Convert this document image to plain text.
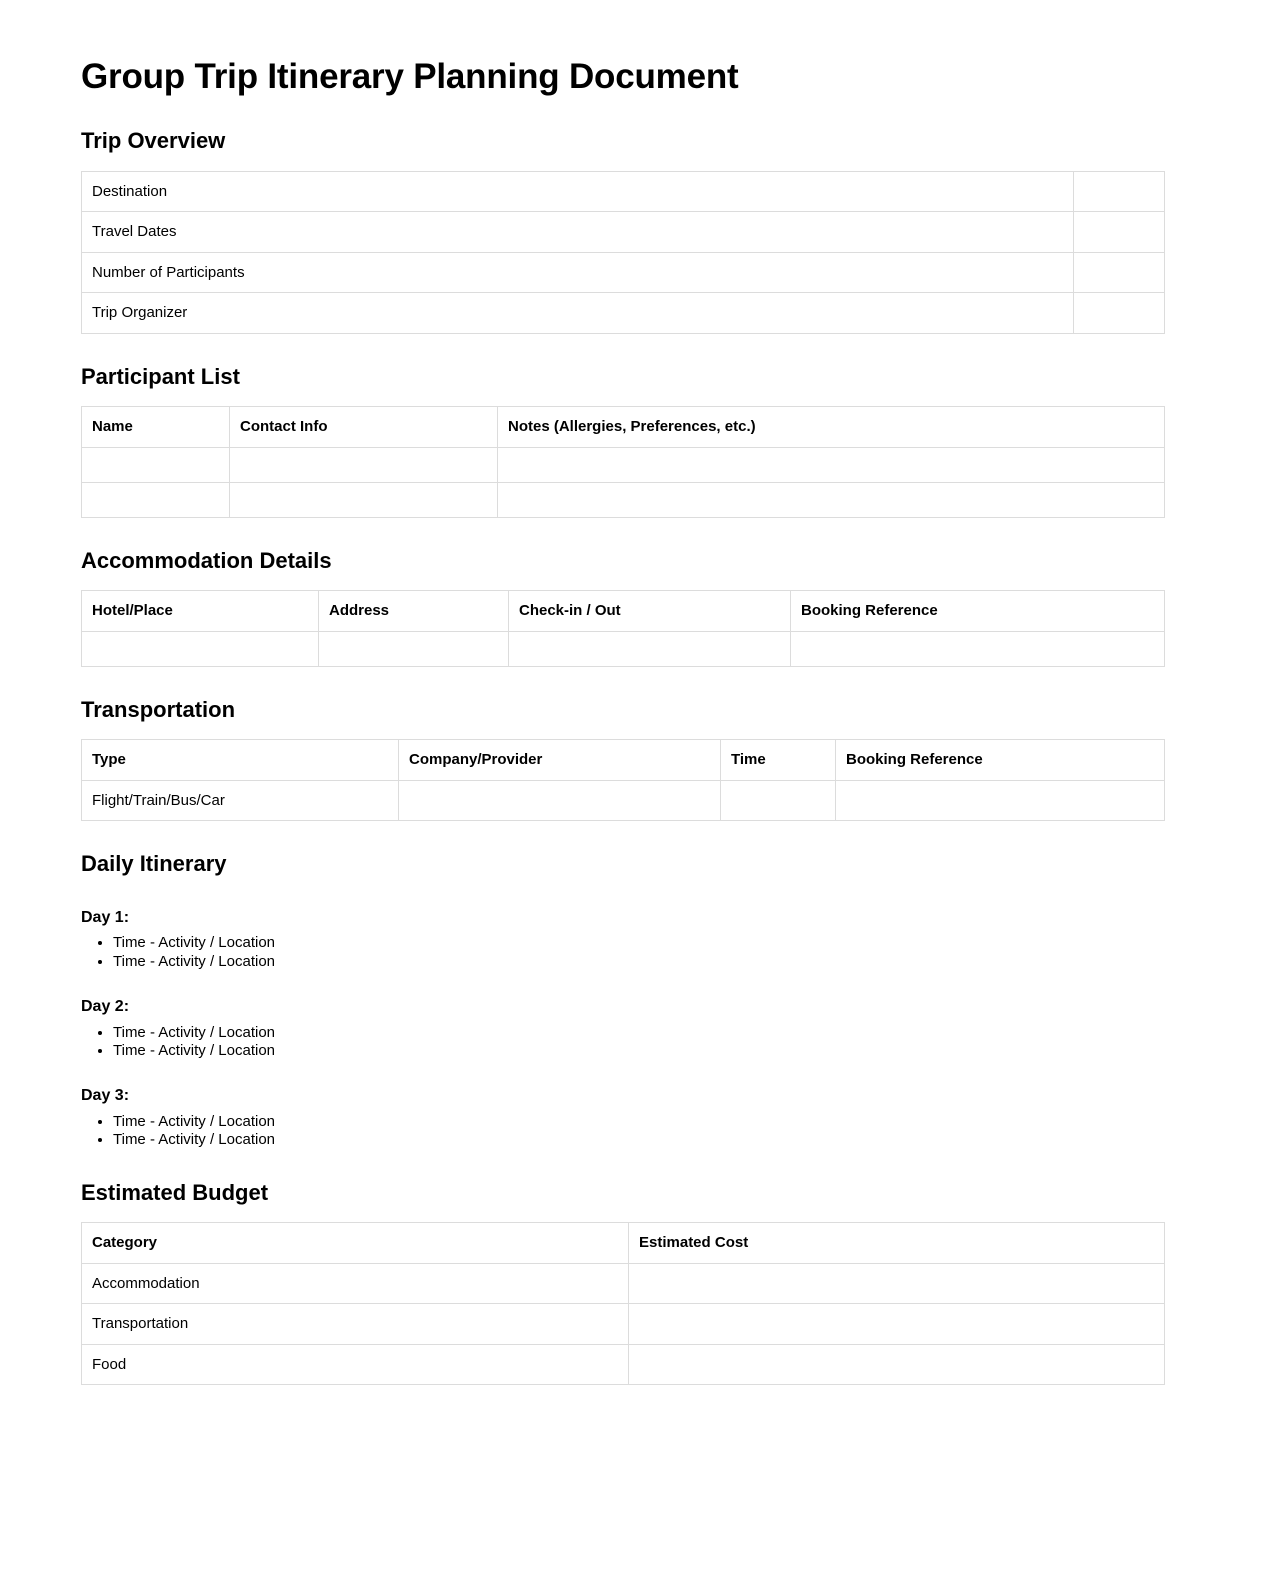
Group Trip Itinerary Planning Document
Trip Overview
Destination	
Travel Dates	
Number of Participants	
Trip Organizer	
Participant List
Name	Contact Info	Notes (Allergies, Preferences, etc.)

Accommodation Details
Hotel/Place	Address	Check-in / Out	Booking Reference

Transportation
Type	Company/Provider	Time	Booking Reference
Flight/Train/Bus/Car			
Daily Itinerary
Day 1:
• Time - Activity / Location
• Time - Activity / Location
Day 2:
• Time - Activity / Location
• Time - Activity / Location
Day 3:
• Time - Activity / Location
• Time - Activity / Location
Estimated Budget
Category	Estimated Cost
Accommodation	
Transportation	
Food	
